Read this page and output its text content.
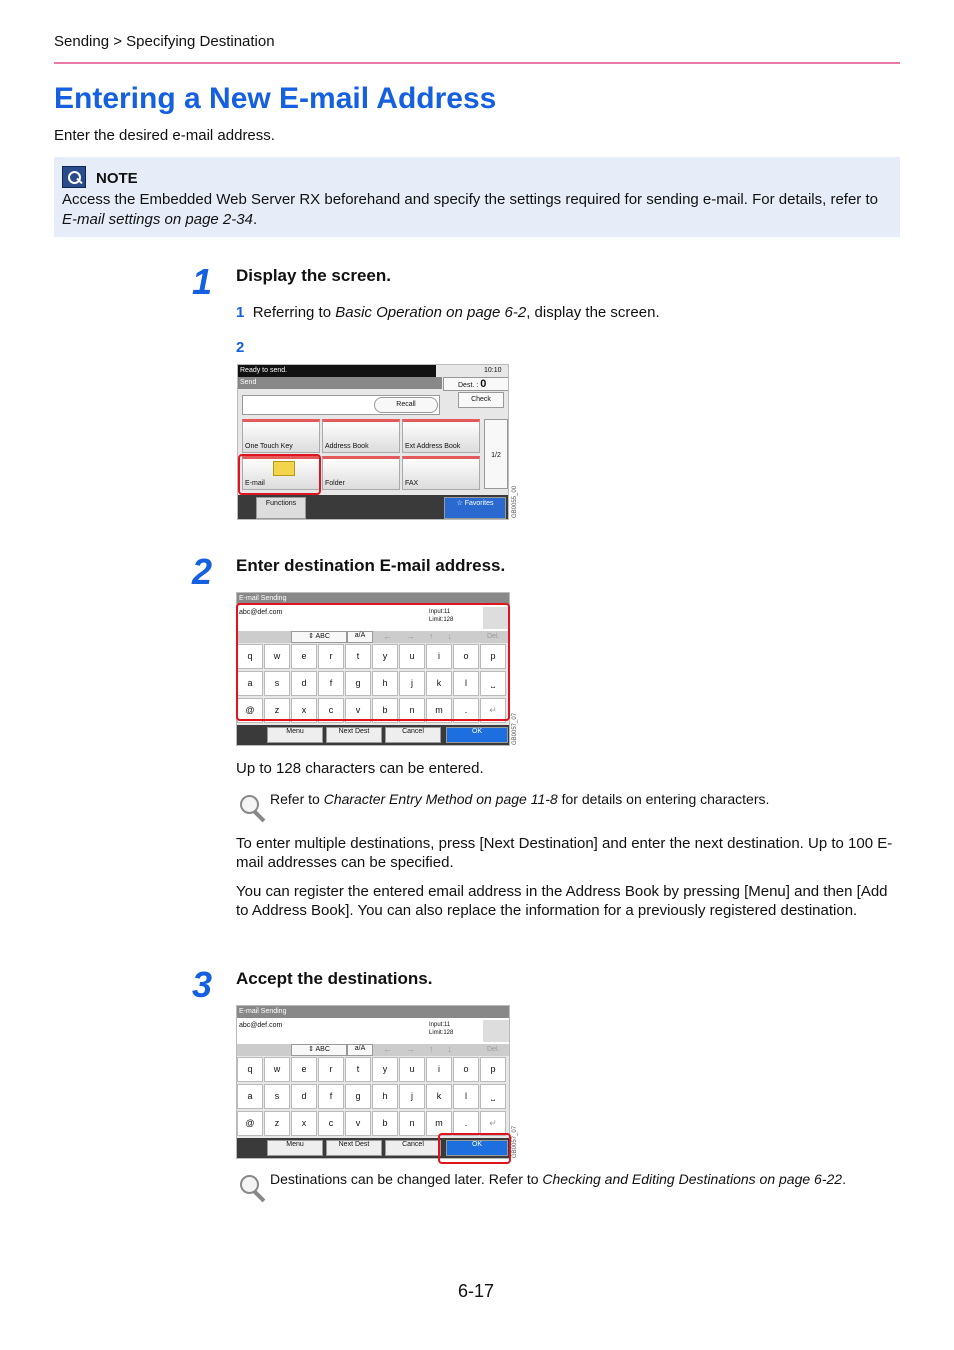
Sending > Specifying Destination
Entering a New E-mail Address
Enter the desired e-mail address.
NOTE
Access the Embedded Web Server RX beforehand and specify the settings required for sending e-mail. For details, refer to E-mail settings on page 2-34.
1 Display the screen.
1 Referring to Basic Operation on page 6-2, display the screen.
2
Ready to send.
Send
10:10
Dest. : 0
Check
Recall
One Touch Key	Address Book	Ext Address Book
E-mail	Folder	FAX
1/2
Functions	☆ Favorites	GB0055_00
2 Enter destination E-mail address.
E-mail Sending
abc@def.com	Input:11
Limit:128
⇕ ABC	a/A	←→↑↓	Del.
q	w	e	r	t	y	u	i	o	p
a	s	d	f	g	h	j	k	l
@	z	x	c	v	b	n	m	.
⎵
↵
Menu	Next Dest	Cancel	OK	GB0057_07
Up to 128 characters can be entered.
Refer to Character Entry Method on page 11-8 for details on entering characters.
To enter multiple destinations, press [Next Destination] and enter the next destination. Up to 100 E-mail addresses can be specified.
You can register the entered email address in the Address Book by pressing [Menu] and then [Add to Address Book]. You can also replace the information for a previously registered destination.
3 Accept the destinations.
E-mail Sending
abc@def.com	Input:11
Limit:128
⇕ ABC	a/A	←→↑↓	Del.
q	w	e	r	t	y	u	i	o	p
a	s	d	f	g	h	j	k	l
@	z	x	c	v	b	n	m	.
⎵
↵
Menu	Next Dest	Cancel	OK	GB0057_07
Destinations can be changed later. Refer to Checking and Editing Destinations on page 6-22.
6-17
